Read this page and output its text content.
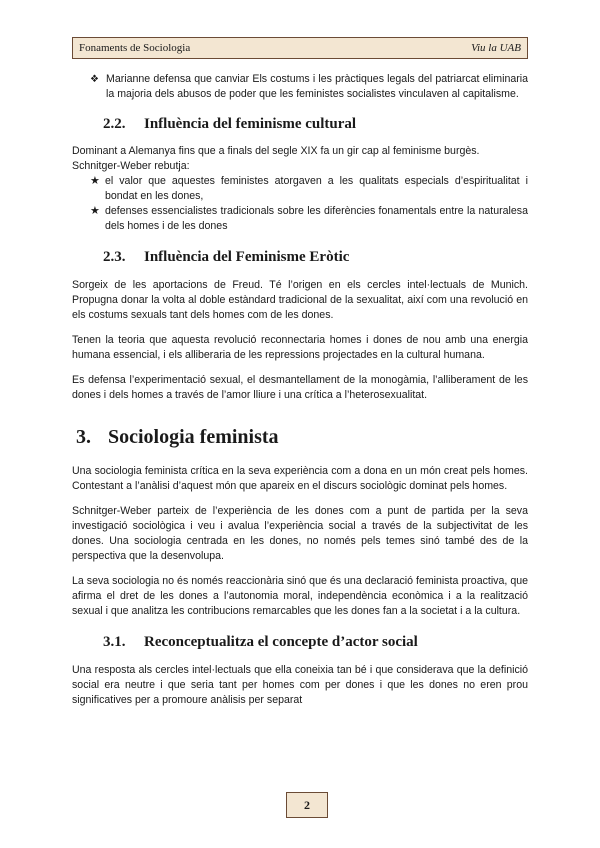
Fonaments de Sociologia	Viu la UAB
❖ Marianne defensa que canviar Els costums i les pràctiques legals del patriarcat eliminaria la majoria dels abusos de poder que les feministes socialistes vinculaven al capitalisme.
2.2.	Influència del feminisme cultural

Dominant a Alemanya fins que a finals del segle XIX fa un gir cap al feminisme burgès. Schnitger-Weber rebutja:

★ el valor que aquestes feministes atorgaven a les qualitats especials d’espiritualitat i bondat en les dones,
★ defenses essencialistes tradicionals sobre les diferències fonamentals entre la naturalesa dels homes i de les dones
2.3.	Influència del Feminisme Eròtic

Sorgeix de les aportacions de Freud. Té l’origen en els cercles intel·lectuals de Munich. Propugna donar la volta al doble estàndard tradicional de la sexualitat, així com una revolució en els costums sexuals tant dels homes com de les dones.

Tenen la teoria que aquesta revolució reconnectaria homes i dones de nou amb una energia humana essencial, i els alliberaria de les repressions projectades en la cultural humana.

Es defensa l’experimentació sexual, el desmantellament de la monogàmia, l’alliberament de les dones i dels homes a través de l’amor lliure i una crítica a l’heterosexualitat.

3. Sociologia feminista

Una sociologia feminista crítica en la seva experiència com a dona en un món creat pels homes. Contestant a l’anàlisi d’aquest món que apareix en el discurs sociològic dominat pels homes.

Schnitger-Weber parteix de l’experiència de les dones com a punt de partida per la seva investigació sociològica i veu i avalua l’experiència social a través de la subjectivitat de les dones. Una sociologia centrada en les dones, no només pels temes sinó també des de la perspectiva que la desenvolupa.

La seva sociologia no és només reaccionària sinó que és una declaració feminista proactiva, que afirma el dret de les dones a l’autonomia moral, independència econòmica i a la realització sexual i que analitza les contribucions remarcables que les dones fan a la societat i a la cultura.

3.1.	Reconceptualitza el concepte d’actor social

Una resposta als cercles intel·lectuals que ella coneixia tan bé i que considerava que la definició social era neutre i que seria tant per homes com per dones i que les dones no eren prou significatives per a promoure anàlisis per separat

2
